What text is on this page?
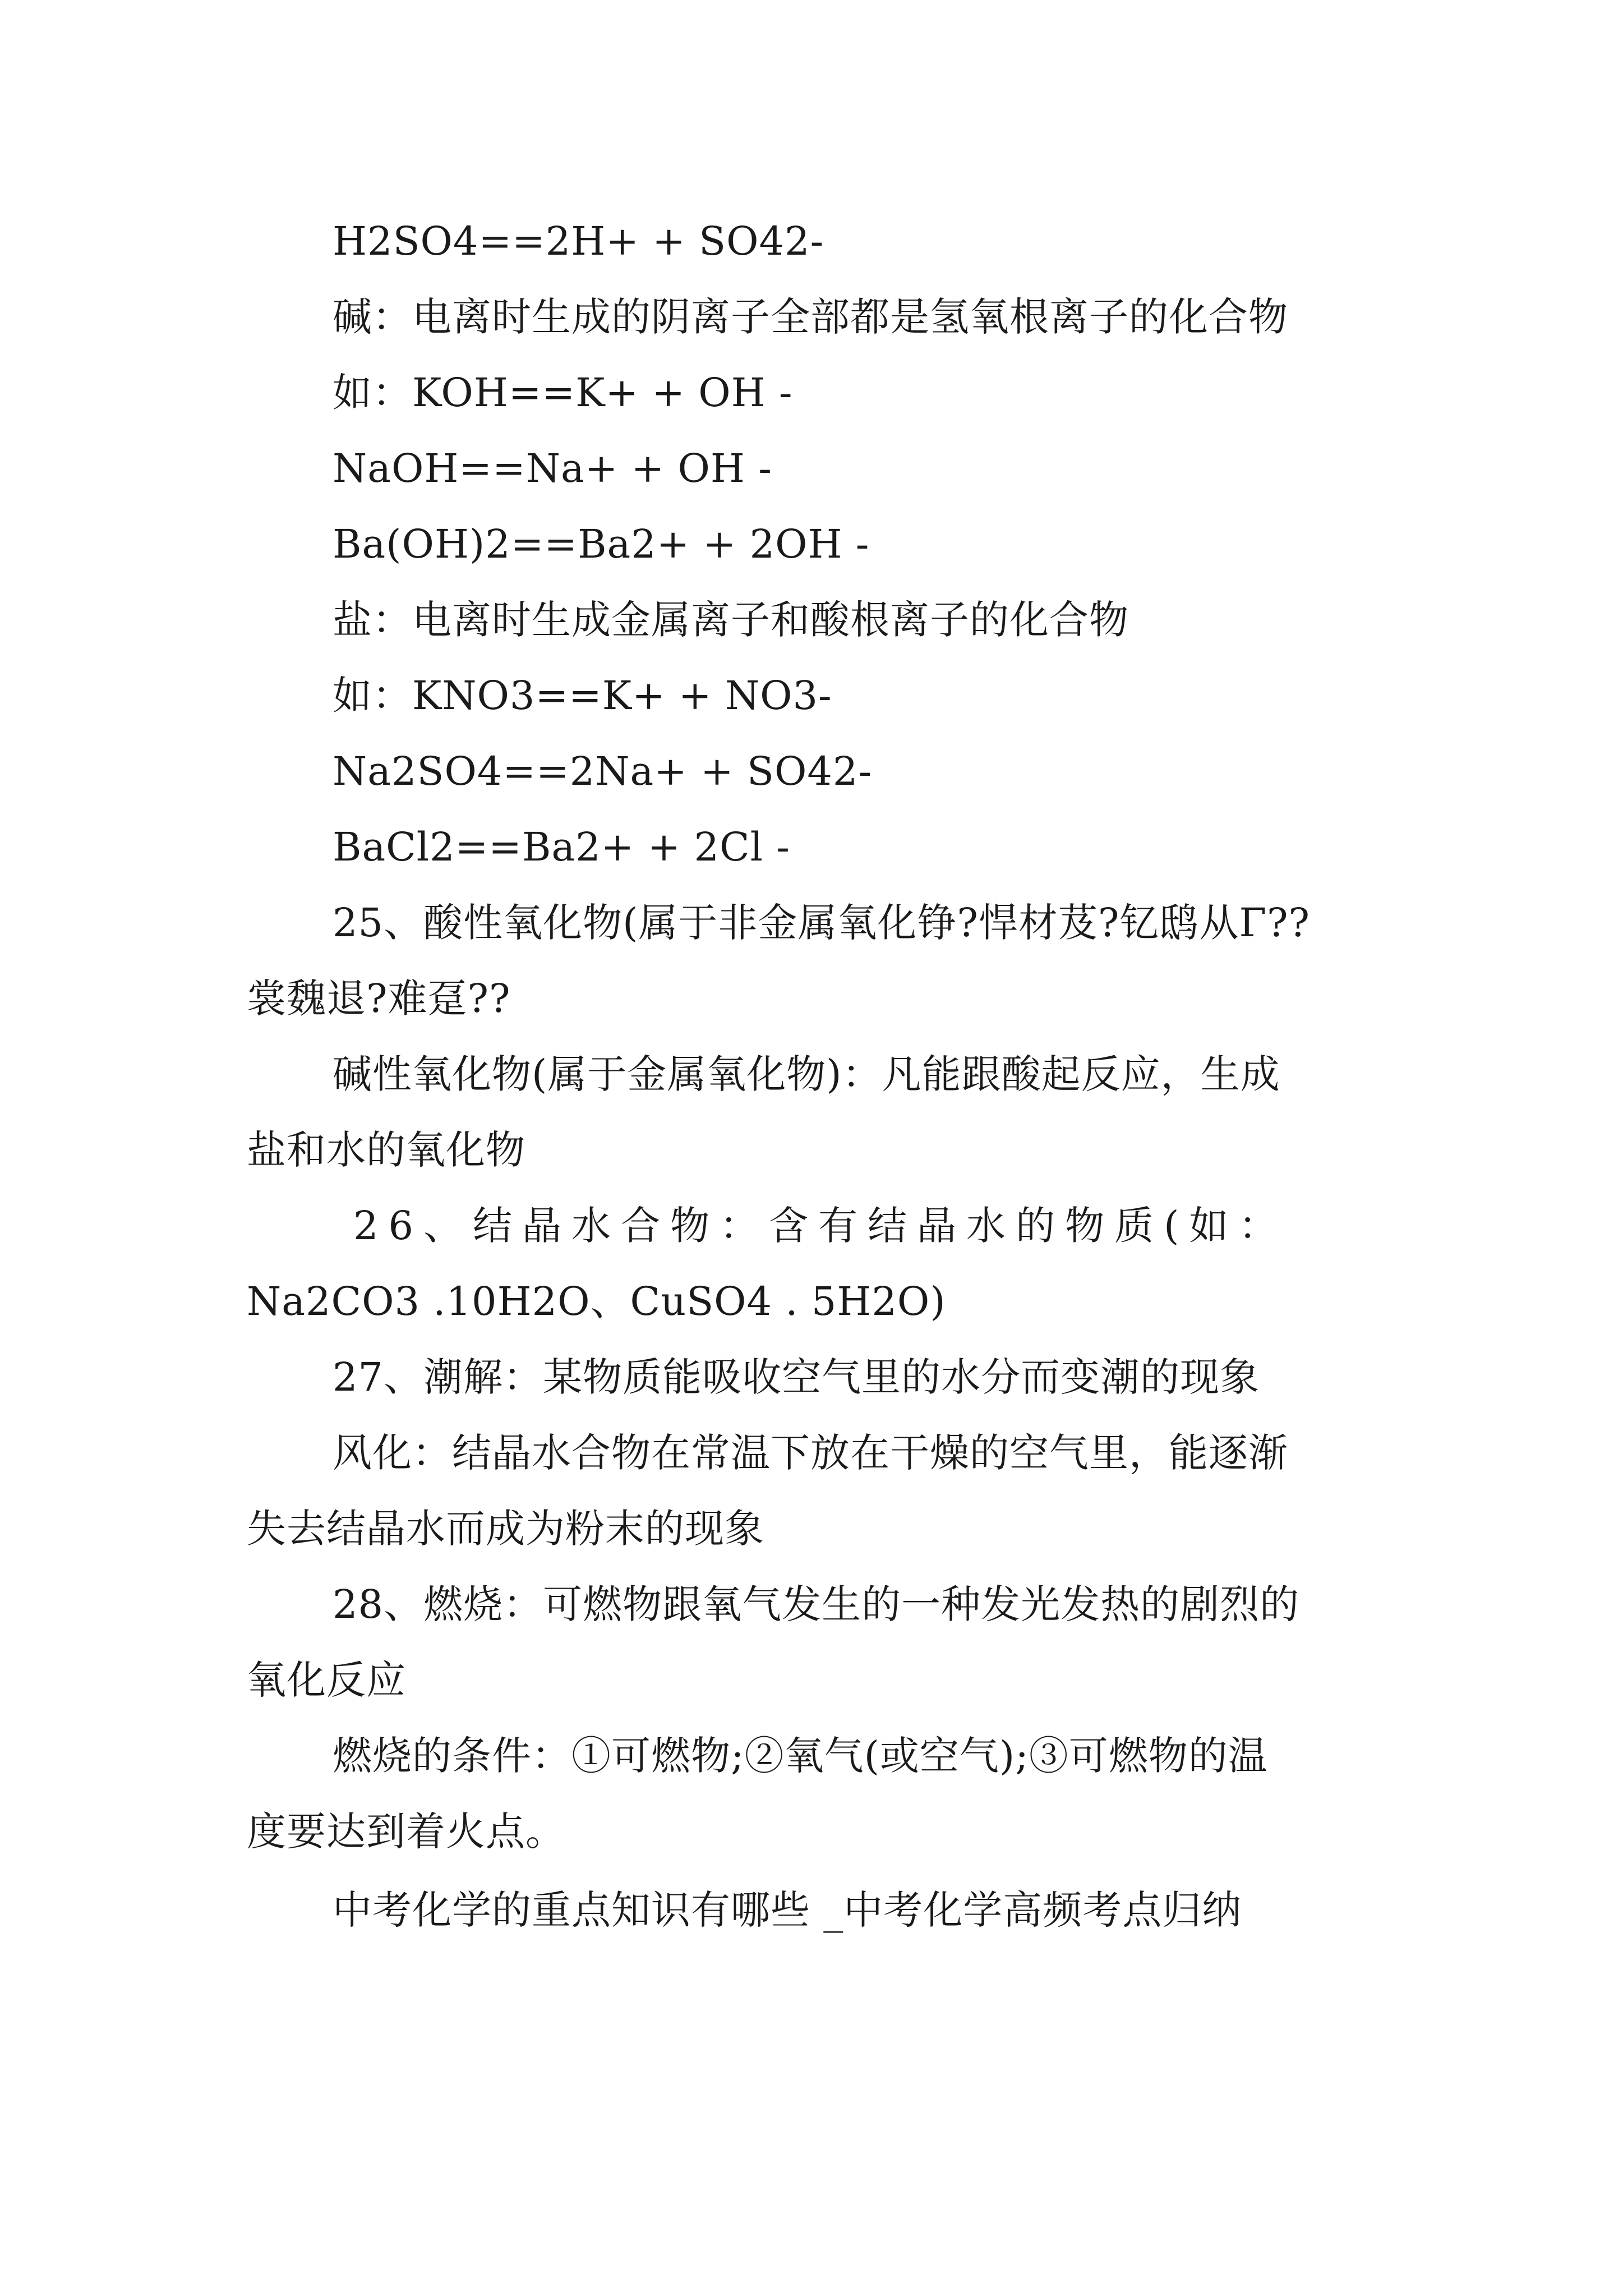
H2SO4==2H+ + SO42-

碱：电离时生成的阴离子全部都是氢氧根离子的化合物

如：KOH==K+ + OH -

NaOH==Na+ + OH -

Ba(OH)2==Ba2+ + 2OH -

盐：电离时生成金属离子和酸根离子的化合物

如：KNO3==K+ + NO3-

Na2SO4==2Na+ + SO42-

BaCl2==Ba2+ + 2Cl -

25、酸性氧化物(属于非金属氧化铮?悍材芨?钇鸱从Γ??

裳魏退?难趸??

碱性氧化物(属于金属氧化物)：凡能跟酸起反应，生成

盐和水的氧化物

26、结晶水合物：含有结晶水的物质(如：

Na2CO3 .10H2O、CuSO4 . 5H2O)

27、潮解：某物质能吸收空气里的水分而变潮的现象

风化：结晶水合物在常温下放在干燥的空气里，能逐渐

失去结晶水而成为粉末的现象

28、燃烧：可燃物跟氧气发生的一种发光发热的剧烈的

氧化反应

燃烧的条件：①可燃物;②氧气(或空气);③可燃物的温

度要达到着火点。

中考化学的重点知识有哪些 _中考化学高频考点归纳
